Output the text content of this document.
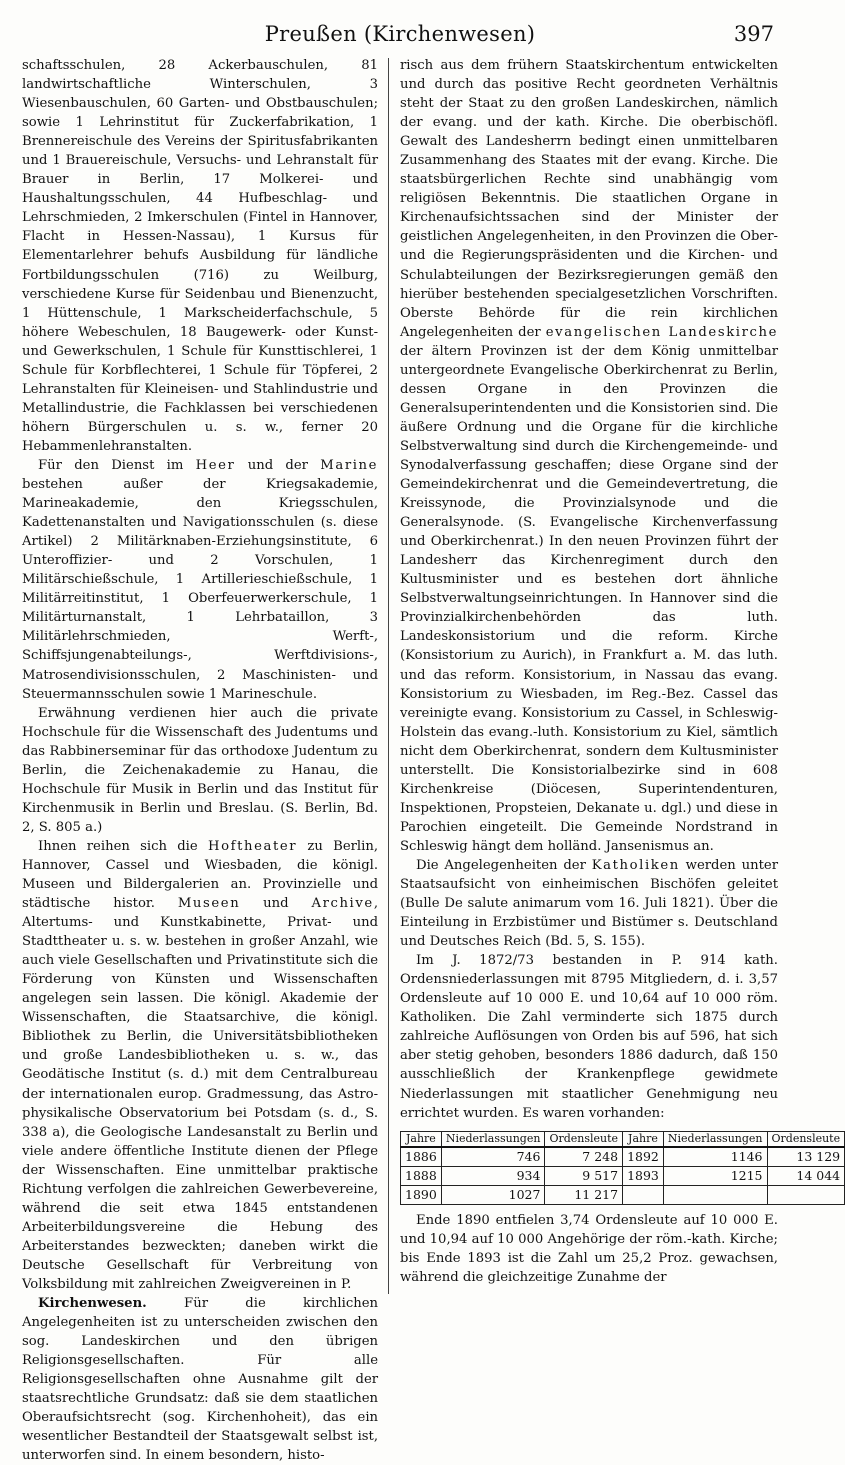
Preußen (Kirchenwesen)	397

schaftsschulen, 28 Ackerbauschulen, 81 landwirtschaftliche Winterschulen, 3 Wiesenbauschulen, 60 Garten- und Obstbauschulen; sowie 1 Lehrinstitut für Zuckerfabrikation, 1 Brennereischule des Vereins der Spiritusfabrikanten und 1 Brauereischule, Versuchs- und Lehranstalt für Brauer in Berlin, 17 Molkerei- und Haushaltungsschulen, 44 Hufbeschlag- und Lehrschmieden, 2 Imkerschulen (Fintel in Hannover, Flacht in Hessen-Nassau), 1 Kursus für Elementarlehrer behufs Ausbildung für ländliche Fortbildungsschulen (716) zu Weilburg, verschiedene Kurse für Seidenbau und Bienenzucht, 1 Hüttenschule, 1 Markscheiderfachschule, 5 höhere Webeschulen, 18 Baugewerk- oder Kunst- und Gewerkschulen, 1 Schule für Kunsttischlerei, 1 Schule für Korbflechterei, 1 Schule für Töpferei, 2 Lehranstalten für Kleineisen- und Stahlindustrie und Metallindustrie, die Fachklassen bei verschiedenen höhern Bürgerschulen u. s. w., ferner 20 Hebammenlehranstalten.

Für den Dienst im Heer und der Marine bestehen außer der Kriegsakademie, Marineakademie, den Kriegsschulen, Kadettenanstalten und Navigationsschulen (s. diese Artikel) 2 Militärknaben-Erziehungsinstitute, 6 Unteroffizier- und 2 Vorschulen, 1 Militärschießschule, 1 Artillerieschießschule, 1 Militärreitinstitut, 1 Oberfeuerwerkerschule, 1 Militärturnanstalt, 1 Lehrbataillon, 3 Militärlehrschmieden, Werft-, Schiffsjungenabteilungs-, Werftdivisions-, Matrosendivisionsschulen, 2 Maschinisten- und Steuermannsschulen sowie 1 Marineschule.

Erwähnung verdienen hier auch die private Hochschule für die Wissenschaft des Judentums und das Rabbinerseminar für das orthodoxe Judentum zu Berlin, die Zeichenakademie zu Hanau, die Hochschule für Musik in Berlin und das Institut für Kirchenmusik in Berlin und Breslau. (S. Berlin, Bd. 2, S. 805 a.)

Ihnen reihen sich die Hoftheater zu Berlin, Hannover, Cassel und Wiesbaden, die königl. Museen und Bildergalerien an. Provinzielle und städtische histor. Museen und Archive, Altertums- und Kunstkabinette, Privat- und Stadttheater u. s. w. bestehen in großer Anzahl, wie auch viele Gesellschaften und Privatinstitute sich die Förderung von Künsten und Wissenschaften angelegen sein lassen. Die königl. Akademie der Wissenschaften, die Staatsarchive, die königl. Bibliothek zu Berlin, die Universitätsbibliotheken und große Landesbibliotheken u. s. w., das Geodätische Institut (s. d.) mit dem Centralbureau der internationalen europ. Gradmessung, das Astro-physikalische Observatorium bei Potsdam (s. d., S. 338 a), die Geologische Landesanstalt zu Berlin und viele andere öffentliche Institute dienen der Pflege der Wissenschaften. Eine unmittelbar praktische Richtung verfolgen die zahlreichen Gewerbevereine, während die seit etwa 1845 entstandenen Arbeiterbildungsvereine die Hebung des Arbeiterstandes bezweckten; daneben wirkt die Deutsche Gesellschaft für Verbreitung von Volksbildung mit zahlreichen Zweigvereinen in P.

Kirchenwesen. Für die kirchlichen Angelegenheiten ist zu unterscheiden zwischen den sog. Landeskirchen und den übrigen Religionsgesellschaften. Für alle Religionsgesellschaften ohne Ausnahme gilt der staatsrechtliche Grundsatz: daß sie dem staatlichen Oberaufsichtsrecht (sog. Kirchenhoheit), das ein wesentlicher Bestandteil der Staatsgewalt selbst ist, unterworfen sind. In einem besondern, histo-

risch aus dem frühern Staatskirchentum entwickelten und durch das positive Recht geordneten Verhältnis steht der Staat zu den großen Landeskirchen, nämlich der evang. und der kath. Kirche. Die oberbischöfl. Gewalt des Landesherrn bedingt einen unmittelbaren Zusammenhang des Staates mit der evang. Kirche. Die staatsbürgerlichen Rechte sind unabhängig vom religiösen Bekenntnis. Die staatlichen Organe in Kirchenaufsichtssachen sind der Minister der geistlichen Angelegenheiten, in den Provinzen die Ober- und die Regierungspräsidenten und die Kirchen- und Schulabteilungen der Bezirksregierungen gemäß den hierüber bestehenden specialgesetzlichen Vorschriften. Oberste Behörde für die rein kirchlichen Angelegenheiten der evangelischen Landeskirche der ältern Provinzen ist der dem König unmittelbar untergeordnete Evangelische Oberkirchenrat zu Berlin, dessen Organe in den Provinzen die Generalsuperintendenten und die Konsistorien sind. Die äußere Ordnung und die Organe für die kirchliche Selbstverwaltung sind durch die Kirchengemeinde- und Synodalverfassung geschaffen; diese Organe sind der Gemeindekirchenrat und die Gemeindevertretung, die Kreissynode, die Provinzialsynode und die Generalsynode. (S. Evangelische Kirchenverfassung und Oberkirchenrat.) In den neuen Provinzen führt der Landesherr das Kirchenregiment durch den Kultusminister und es bestehen dort ähnliche Selbstverwaltungseinrichtungen. In Hannover sind die Provinzialkirchenbehörden das luth. Landeskonsistorium und die reform. Kirche (Konsistorium zu Aurich), in Frankfurt a. M. das luth. und das reform. Konsistorium, in Nassau das evang. Konsistorium zu Wiesbaden, im Reg.-Bez. Cassel das vereinigte evang. Konsistorium zu Cassel, in Schleswig-Holstein das evang.-luth. Konsistorium zu Kiel, sämtlich nicht dem Oberkirchenrat, sondern dem Kultusminister unterstellt. Die Konsistorialbezirke sind in 608 Kirchenkreise (Diöcesen, Superintendenturen, Inspektionen, Propsteien, Dekanate u. dgl.) und diese in Parochien eingeteilt. Die Gemeinde Nordstrand in Schleswig hängt dem holländ. Jansenismus an.

Die Angelegenheiten der Katholiken werden unter Staatsaufsicht von einheimischen Bischöfen geleitet (Bulle De salute animarum vom 16. Juli 1821). Über die Einteilung in Erzbistümer und Bistümer s. Deutschland und Deutsches Reich (Bd. 5, S. 155).

Im J. 1872/73 bestanden in P. 914 kath. Ordensniederlassungen mit 8795 Mitgliedern, d. i. 3,57 Ordensleute auf 10 000 E. und 10,64 auf 10 000 röm. Katholiken. Die Zahl verminderte sich 1875 durch zahlreiche Auflösungen von Orden bis auf 596, hat sich aber stetig gehoben, besonders 1886 dadurch, daß 150 ausschließlich der Krankenpflege gewidmete Niederlassungen mit staatlicher Genehmigung neu errichtet wurden. Es waren vorhanden:

Jahre	Niederlassungen	Ordensleute	Jahre	Niederlassungen	Ordensleute
1886	746	7 248	1892	1146	13 129
1888	934	9 517	1893	1215	14 044
1890	1027	11 217			

Ende 1890 entfielen 3,74 Ordensleute auf 10 000 E. und 10,94 auf 10 000 Angehörige der röm.-kath. Kirche; bis Ende 1893 ist die Zahl um 25,2 Proz. gewachsen, während die gleichzeitige Zunahme der
